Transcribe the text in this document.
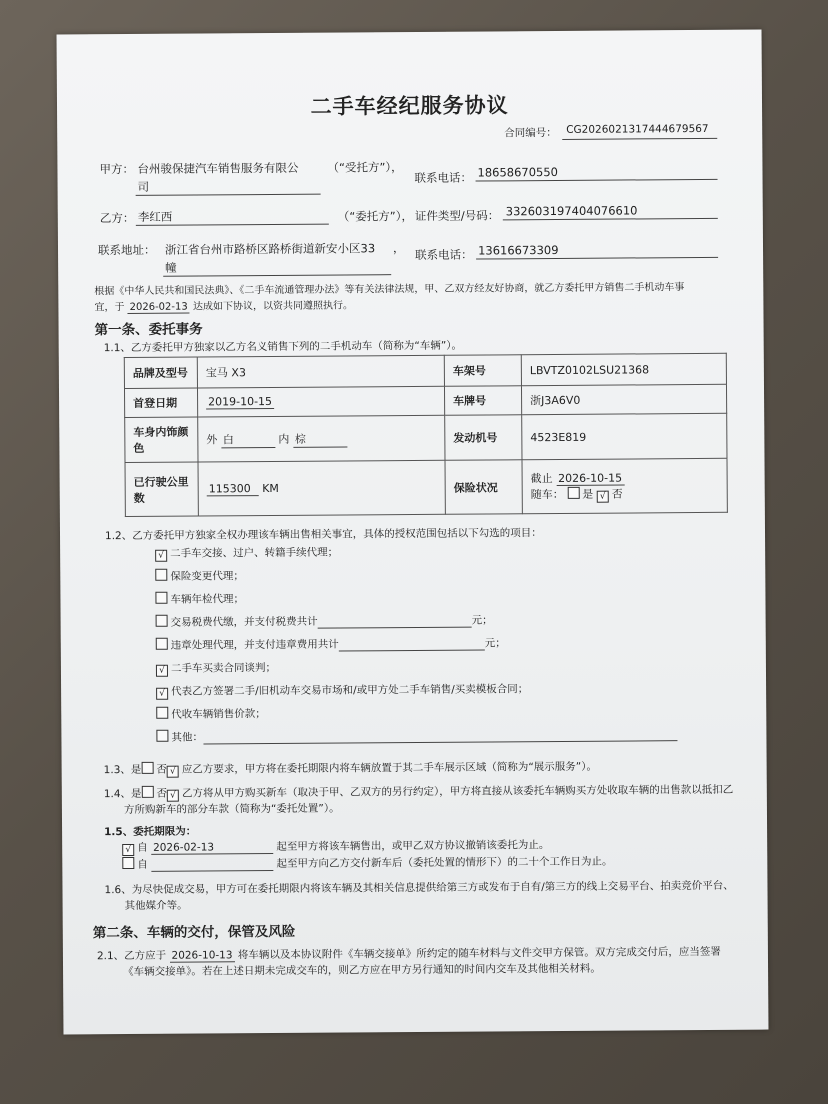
二手车经纪服务协议
合同编号： CG20260213174446795​67
甲方： 台州骏保捷汽车销售服务有限公
司
（“受托方”），
联系电话： 18658670550
乙方： 李红西	（“委托方”）， 证件类型/号码： 332603197404076610
联系地址： 浙江省台州市路桥区路桥街道新安小区33
幢
， 联系电话： 13616673309
根据《中华人民共和国民法典》、《二手车流通管理办法》等有关法律法规，甲、乙双方经友好协商，就乙方委托甲方销售二手机动车事
宜，于 2026-02-13 达成如下协议，以资共同遵照执行。
第一条、委托事务
1.1、乙方委托甲方独家以乙方名义销售下列的二手机动车（简称为“车辆”）。
品牌及型号	宝马 X3	车架号	LBVTZ0102LSU21368
首登日期	2019-10-15	车牌号	浙J3A6V0
车身内饰颜色	外 白 内 棕	发动机号	4523E819
已行驶公里数	115300 KM	保险状况	截止 2026-10-15
随车： 是 √ 否
1.2、乙方委托甲方独家全权办理该车辆出售相关事宜，具体的授权范围包括以下勾选的项目：
√ 二手车交接、过户、转籍手续代理；
保险变更代理；
车辆年检代理；
交易税费代缴，并支付税费共计	元；
违章处理代理，并支付违章费用共计	元；
√ 二手车买卖合同谈判；
√ 代表乙方签署二手/旧机动车交易市场和/或甲方处二手车销售/买卖模板合同；
代收车辆销售价款；
其他：
1.3、是 否 √ 应乙方要求，甲方将在委托期限内将车辆放置于其二手车展示区域（简称为“展示服务”）。
1.4、是 否 √ 乙方将从甲方购买新车（取决于甲、乙双方的另行约定），甲方将直接从该委托车辆购买方处收取车辆的出售款以抵扣乙
方所购新车的部分车款（简称为“委托处置”）。
1.5、委托期限为：
√ 自 2026-02-13	起至甲方将该车辆售出，或甲乙双方协议撤销该委托为止。
自	起至甲方向乙方交付新车后（委托处置的情形下）的二十个工作日为止。
1.6、为尽快促成交易，甲方可在委托期限内将该车辆及其相关信息提供给第三方或发布于自有/第三方的线上交易平台、拍卖竞价平台、
其他媒介等。
第二条、车辆的交付，保管及风险
2.1、乙方应于 2026-10-13 将车辆以及本协议附件《车辆交接单》所约定的随车材料与文件交甲方保管。双方完成交付后，应当签署
《车辆交接单》。若在上述日期未完成交车的，则乙方应在甲方另行通知的时间内交车及其他相关材料。
